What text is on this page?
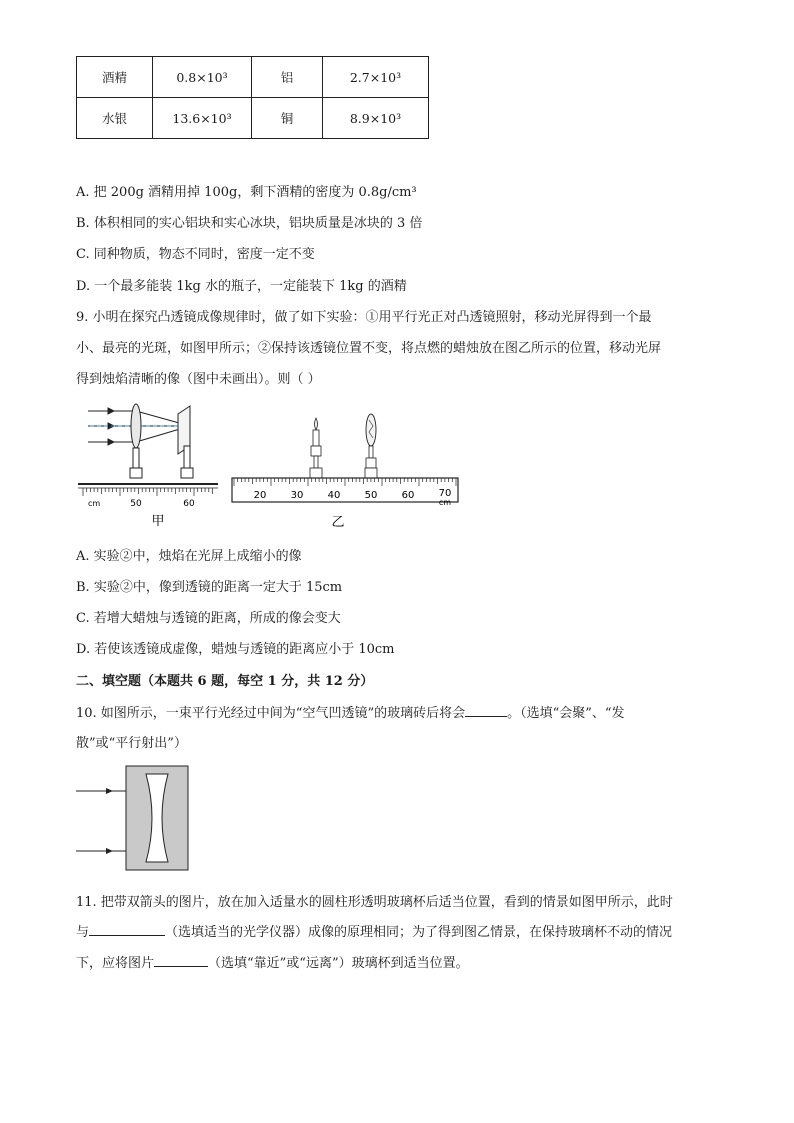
酒精	0.8×10³	铝	2.7×10³
水银	13.6×10³	铜	8.9×10³
A. 把 200g 酒精用掉 100g，剩下酒精的密度为 0.8g/cm³
B. 体积相同的实心铝块和实心冰块，铝块质量是冰块的 3 倍
C. 同种物质，物态不同时，密度一定不变
D. 一个最多能装 1kg 水的瓶子，一定能装下 1kg 的酒精
9. 小明在探究凸透镜成像规律时，做了如下实验：①用平行光正对凸透镜照射，移动光屏得到一个最
小、最亮的光斑，如图甲所示；②保持该透镜位置不变，将点燃的蜡烛放在图乙所示的位置，移动光屏
得到烛焰清晰的像（图中未画出）。则（ ）
cm	50	60
甲
20 30 40 50 60 70
cm
乙
A. 实验②中，烛焰在光屏上成缩小的像
B. 实验②中，像到透镜的距离一定大于 15cm
C. 若增大蜡烛与透镜的距离，所成的像会变大
D. 若使该透镜成虚像，蜡烛与透镜的距离应小于 10cm
二、填空题（本题共 6 题，每空 1 分，共 12 分）
10. 如图所示，一束平行光经过中间为“空气凹透镜”的玻璃砖后将会	。（选填“会聚”、“发
散”或“平行射出”）
11. 把带双箭头的图片，放在加入适量水的圆柱形透明玻璃杯后适当位置，看到的情景如图甲所示，此时
与	（选填适当的光学仪器）成像的原理相同；为了得到图乙情景，在保持玻璃杯不动的情况
下，应将图片	（选填“靠近”或“远离”）玻璃杯到适当位置。
